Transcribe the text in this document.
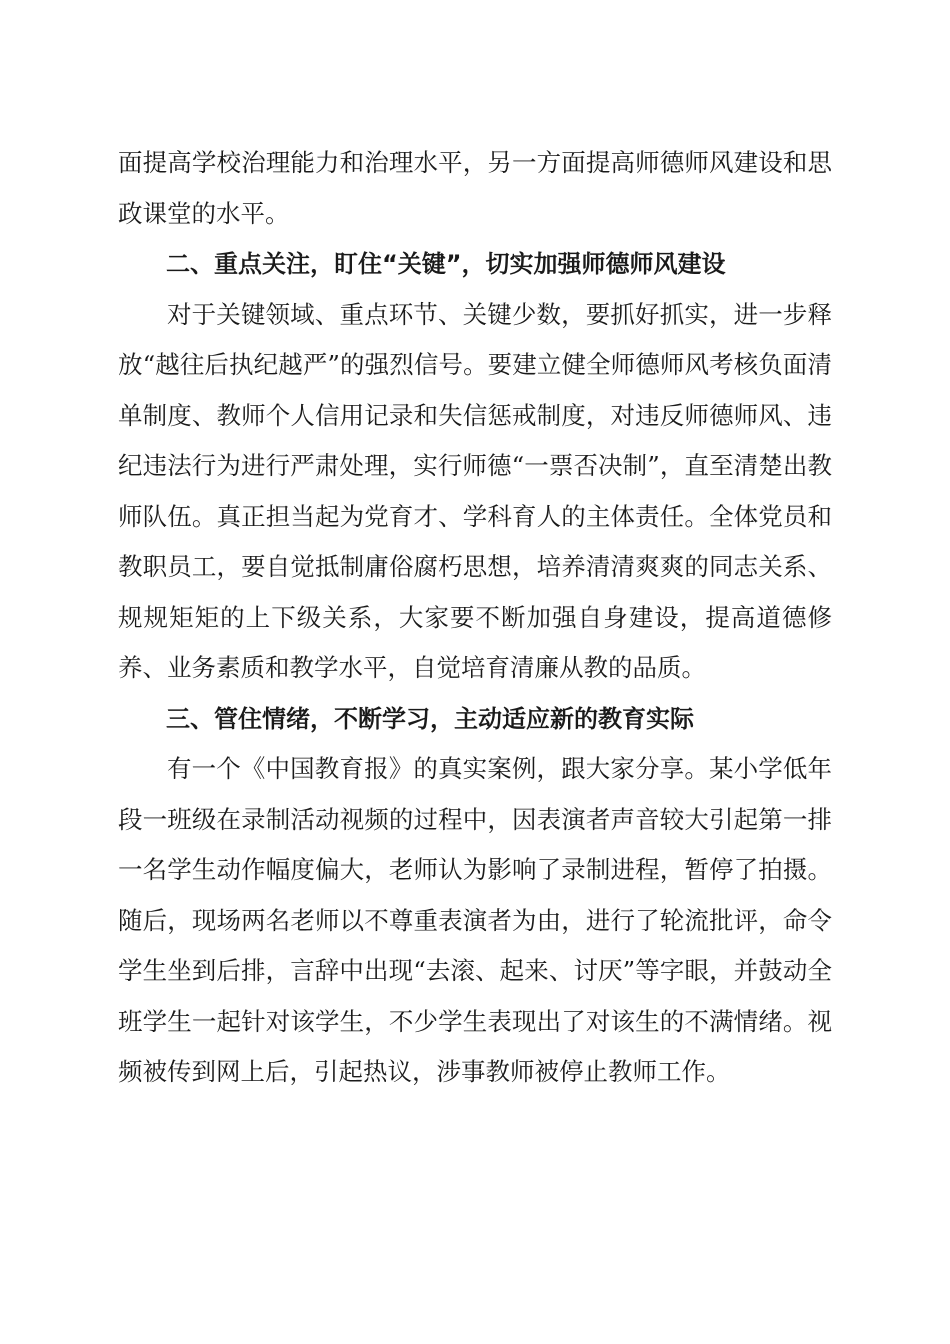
面提高学校治理能力和治理水平，另一方面提高师德师风建设和思政课堂的水平。

二、重点关注，盯住“关键”，切实加强师德师风建设

对于关键领域、重点环节、关键少数，要抓好抓实，进一步释放“越往后执纪越严”的强烈信号。要建立健全师德师风考核负面清单制度、教师个人信用记录和失信惩戒制度，对违反师德师风、违纪违法行为进行严肃处理，实行师德“一票否决制”，直至清楚出教师队伍。真正担当起为党育才、学科育人的主体责任。全体党员和教职员工，要自觉抵制庸俗腐朽思想，培养清清爽爽的同志关系、规规矩矩的上下级关系，大家要不断加强自身建设，提高道德修养、业务素质和教学水平，自觉培育清廉从教的品质。

三、管住情绪，不断学习，主动适应新的教育实际

有一个《中国教育报》的真实案例，跟大家分享。某小学低年段一班级在录制活动视频的过程中，因表演者声音较大引起第一排一名学生动作幅度偏大，老师认为影响了录制进程，暂停了拍摄。随后，现场两名老师以不尊重表演者为由，进行了轮流批评，命令学生坐到后排，言辞中出现“去滚、起来、讨厌”等字眼，并鼓动全班学生一起针对该学生，不少学生表现出了对该生的不满情绪。视频被传到网上后，引起热议，涉事教师被停止教师工作。
